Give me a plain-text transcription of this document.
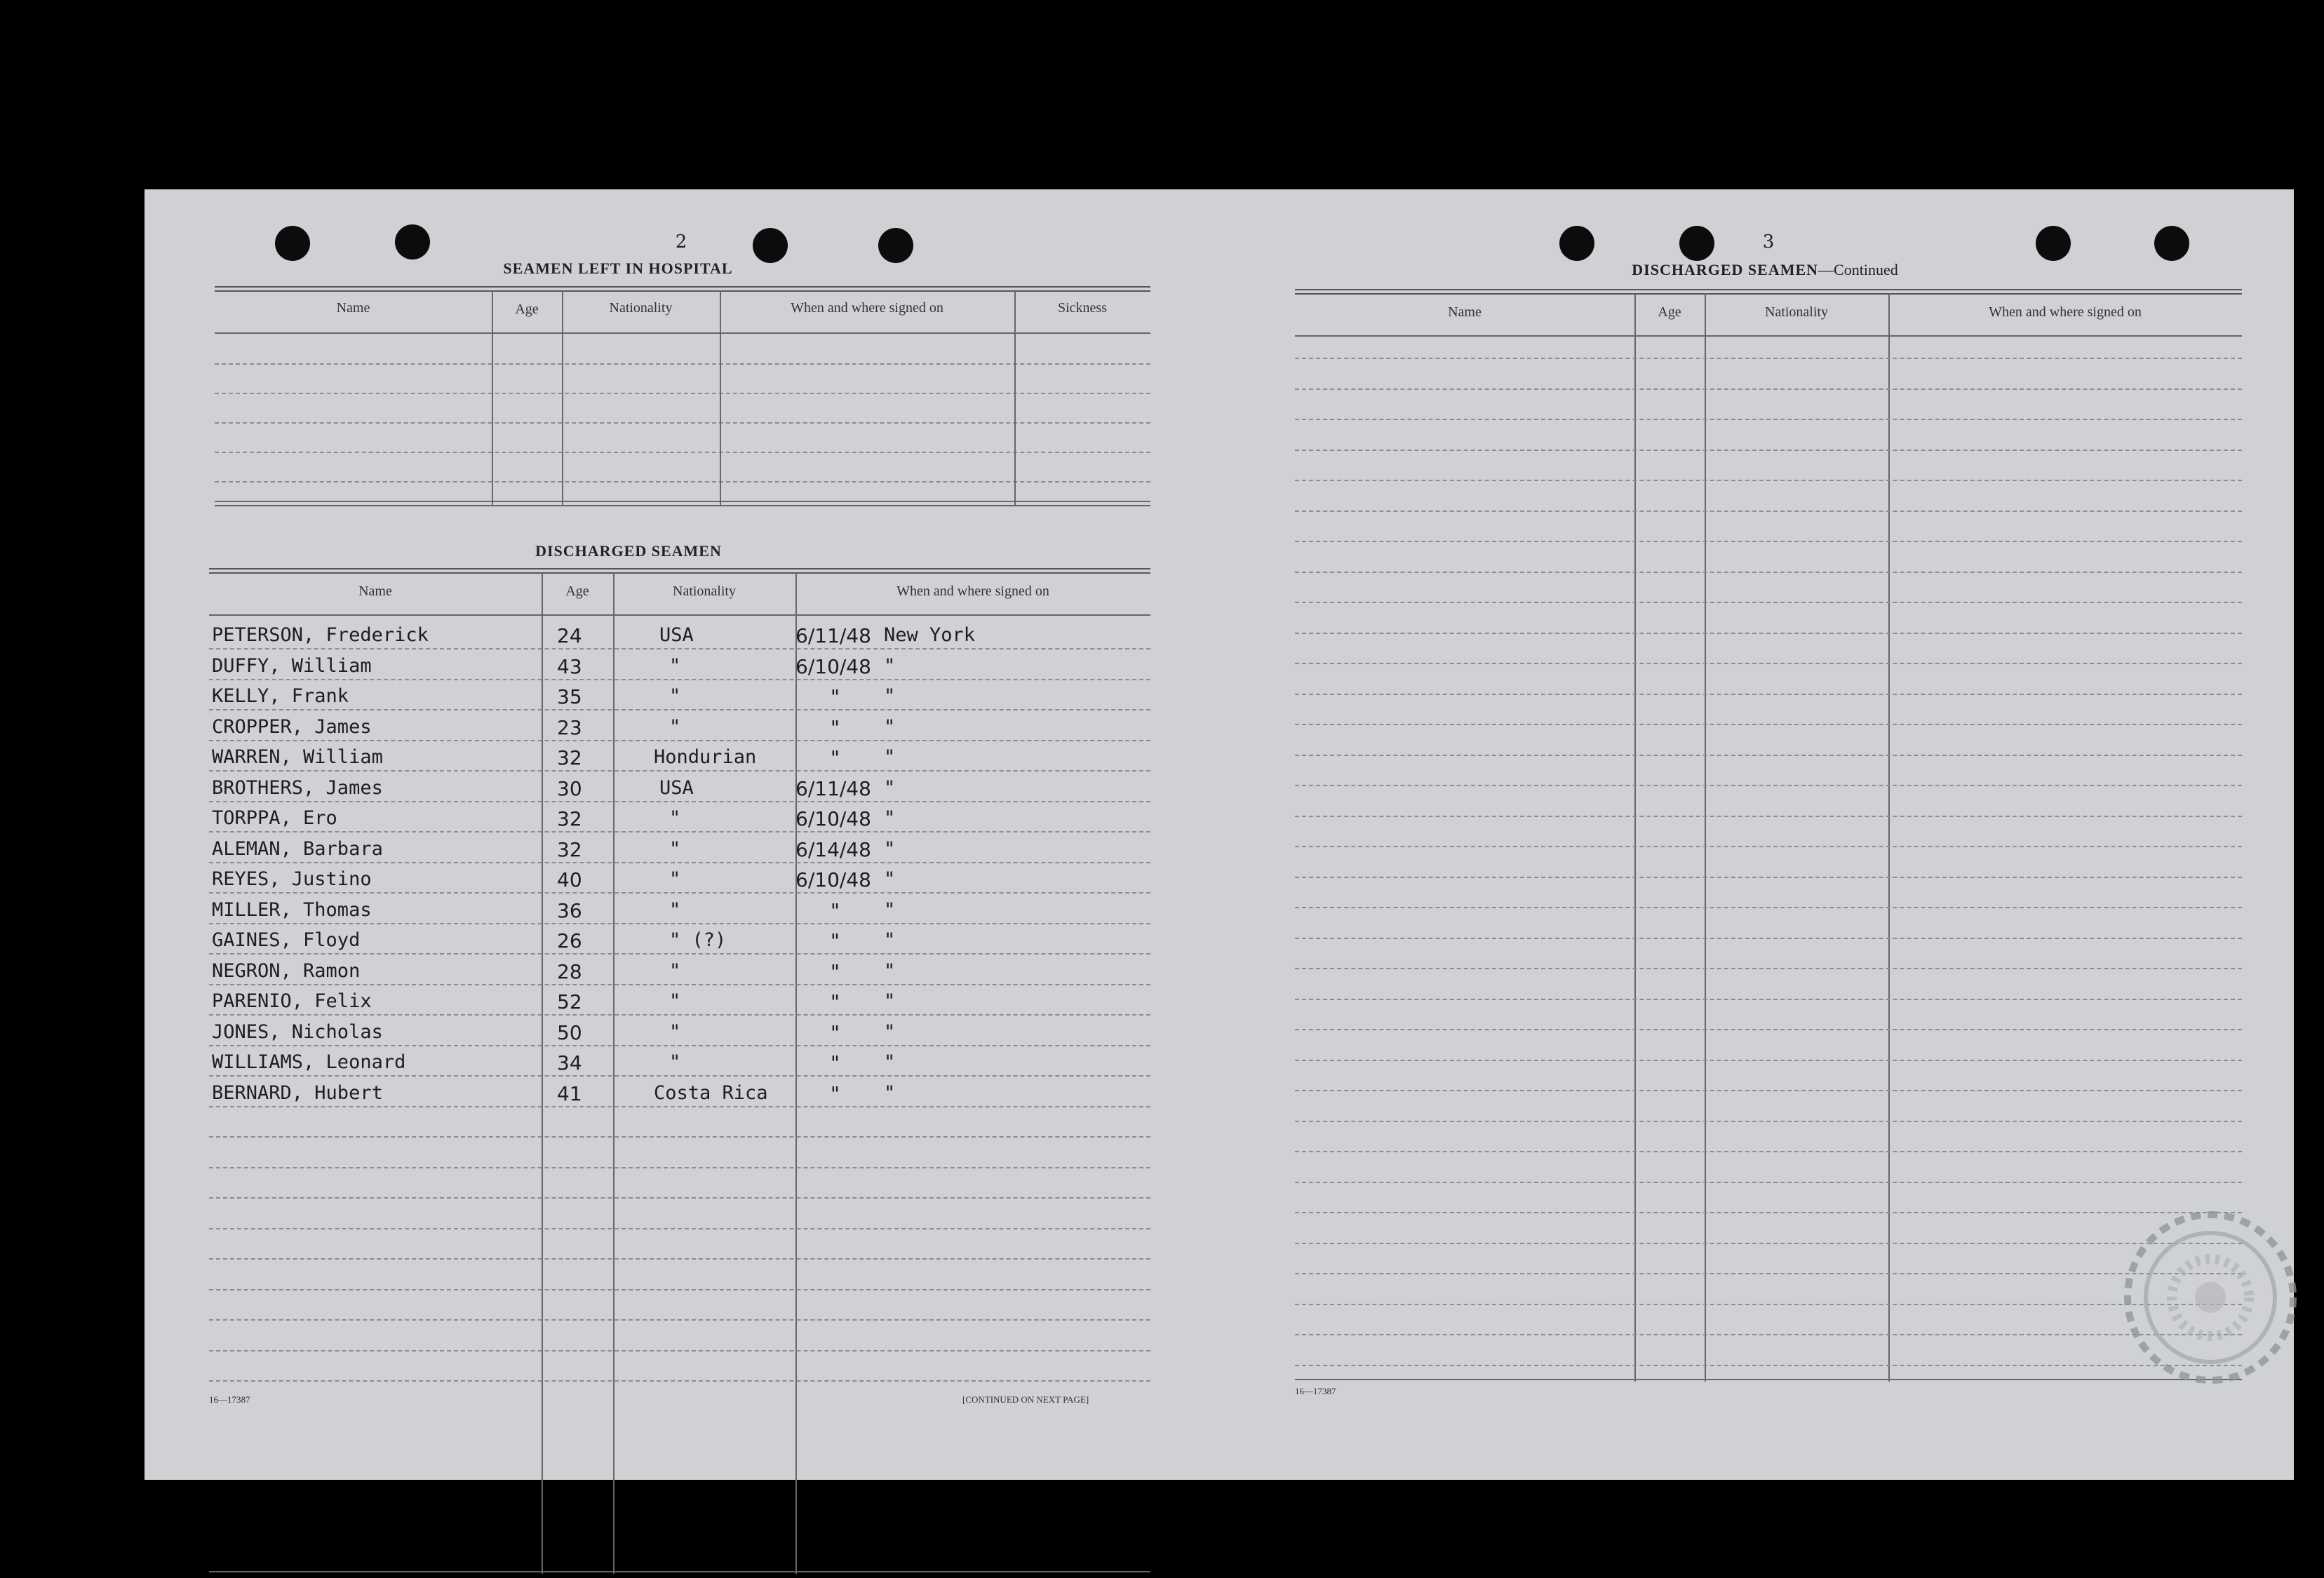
2
SEAMEN LEFT IN HOSPITAL
Name	Age	Nationality	When and where signed on	Sickness
DISCHARGED SEAMEN
Name	Age	Nationality	When and where signed on
PETERSON, Frederick	24	USA	6/11/48 New York
DUFFY, William	43	"	6/10/48 "
KELLY, Frank	35	"	" "
CROPPER, James	23	"	" "
WARREN, William	32	Hondurian	" "
BROTHERS, James	30	USA	6/11/48 "
TORPPA, Ero	32	"	6/10/48 "
ALEMAN, Barbara	32	"	6/14/48 "
REYES, Justino	40	"	6/10/48 "
MILLER, Thomas	36	"	" "
GAINES, Floyd	26	" (?)	" "
NEGRON, Ramon	28	"	" "
PARENIO, Felix	52	"	" "
JONES, Nicholas	50	"	" "
WILLIAMS, Leonard	34	"	" "
BERNARD, Hubert	41	Costa Rica	" "
16—17387	[CONTINUED ON NEXT PAGE]
3
DISCHARGED SEAMEN—Continued
Name	Age	Nationality	When and where signed on
16—17387
